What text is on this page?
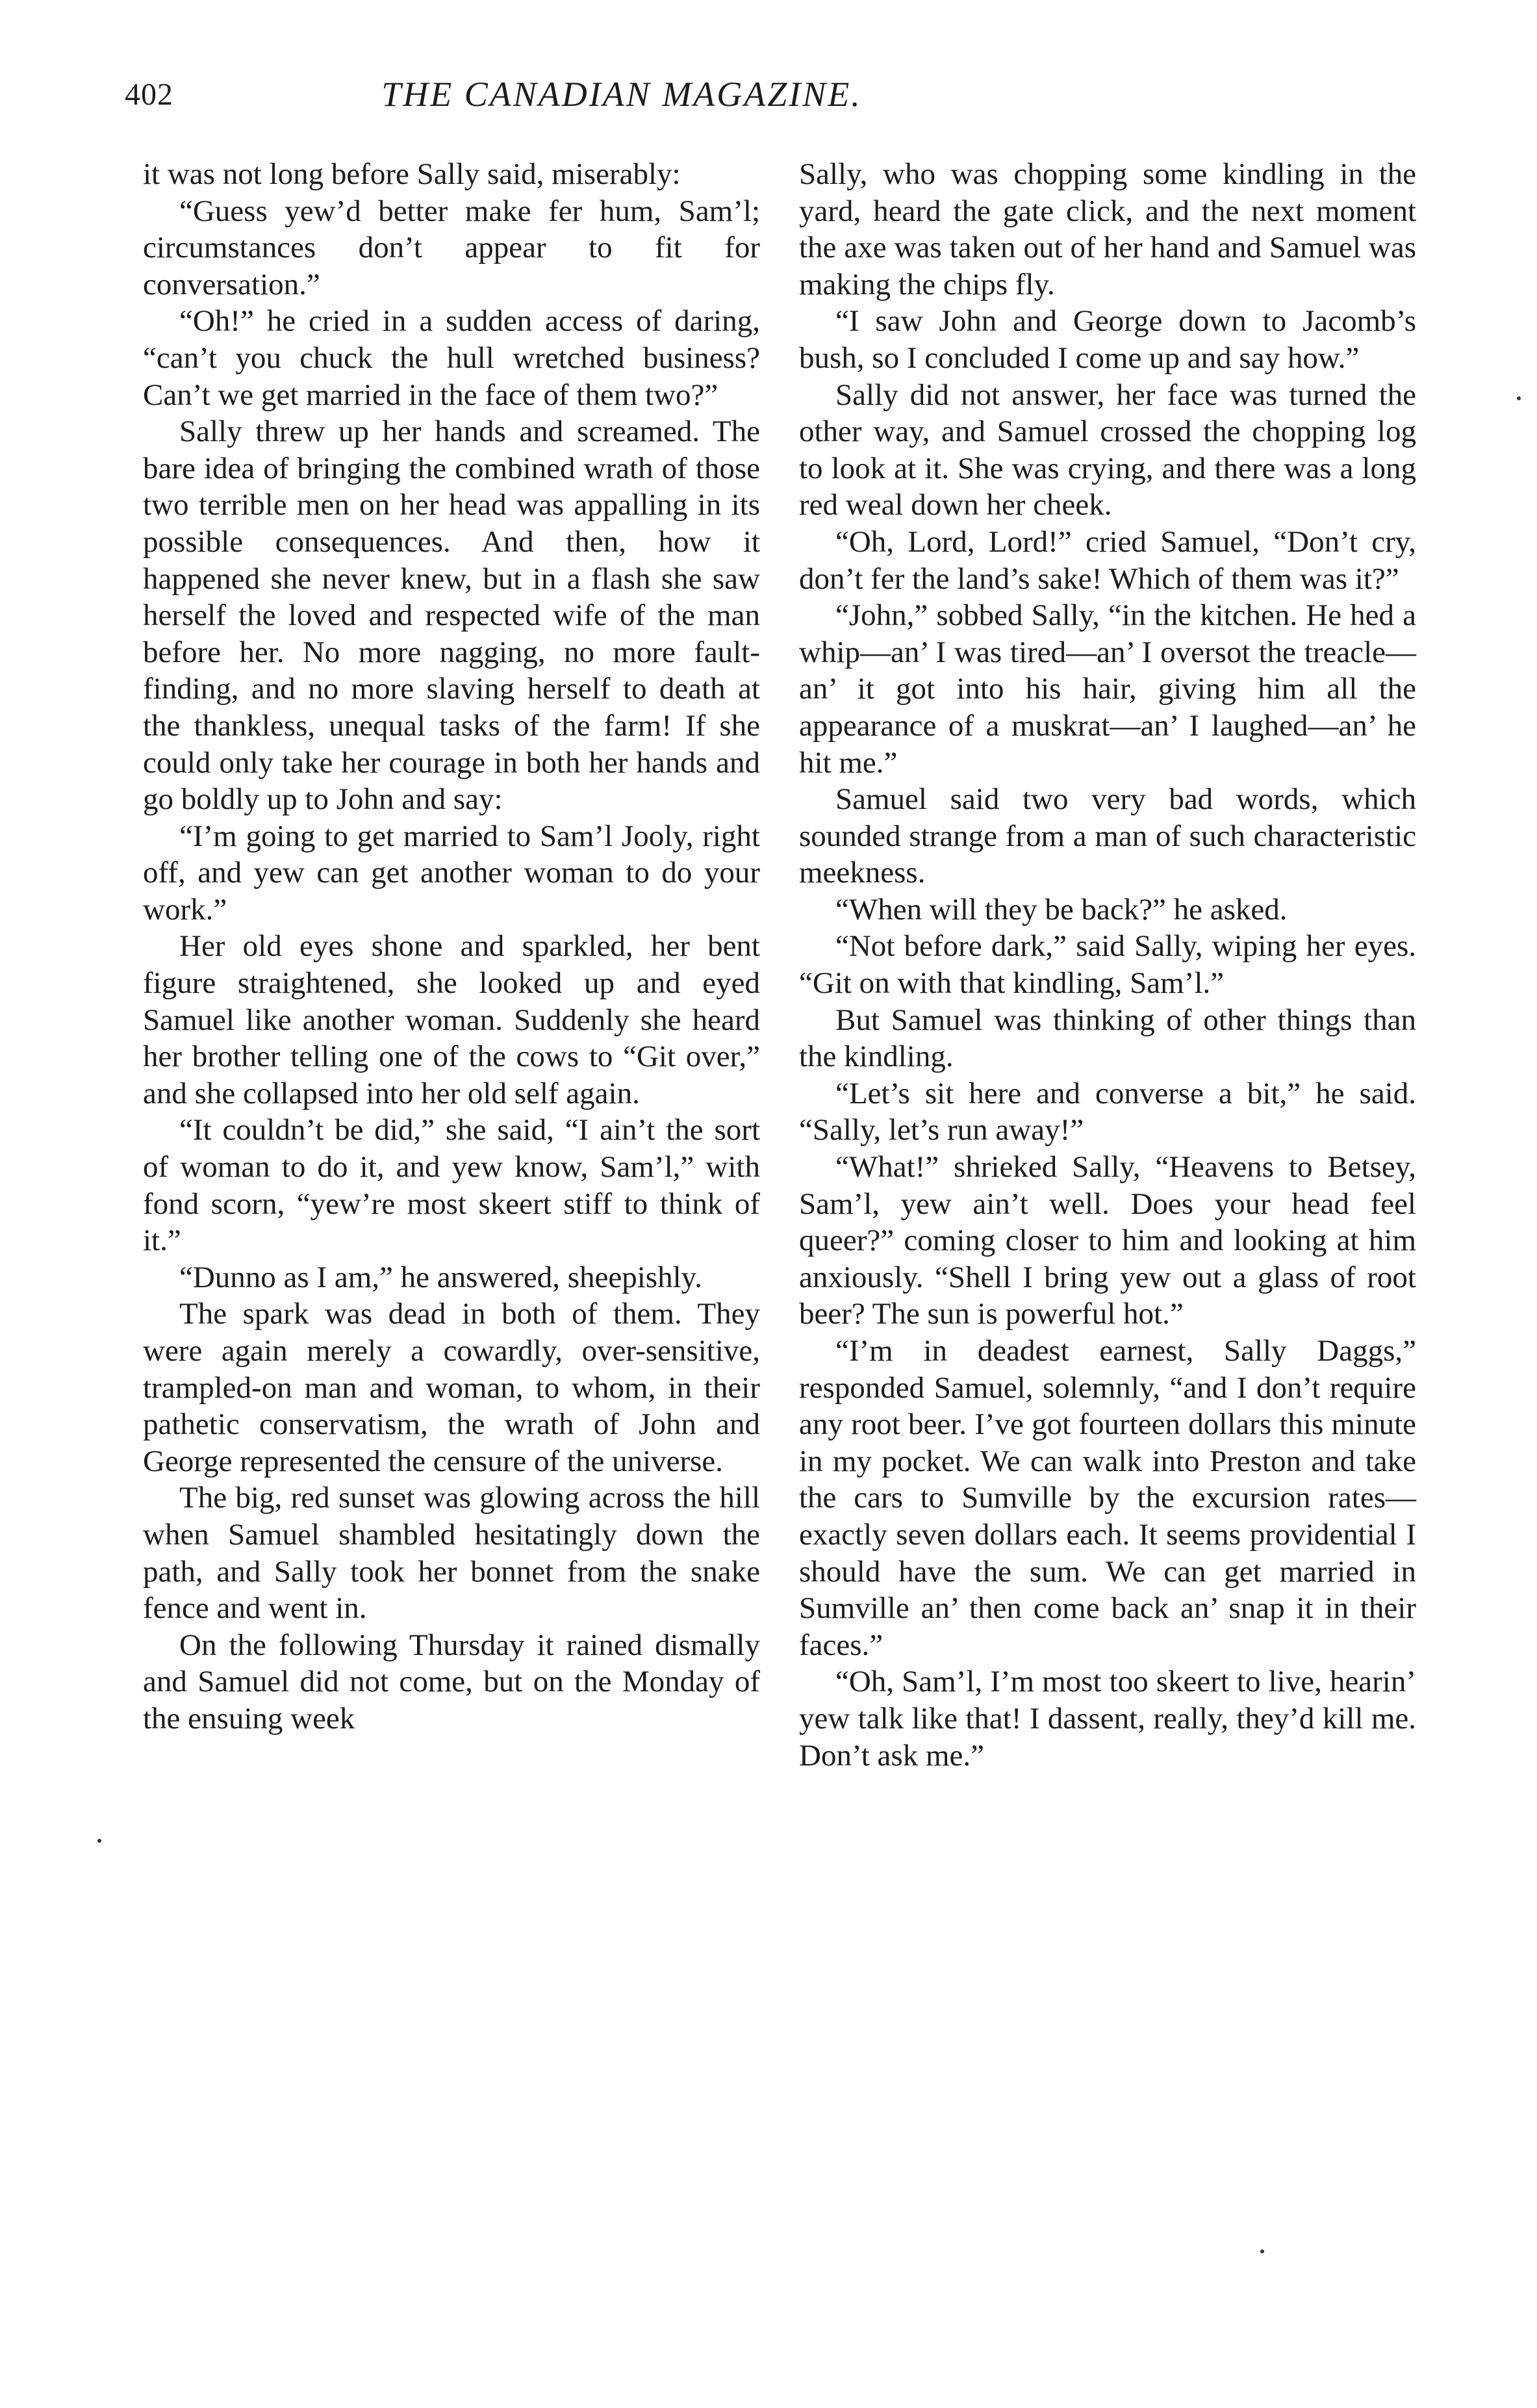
402	THE CANADIAN MAGAZINE.

it was not long before Sally said, miserably:

“Guess yew’d better make fer hum, Sam’l; circumstances don’t appear to fit for conversation.”

“Oh!” he cried in a sudden access of daring, “can’t you chuck the hull wretched business? Can’t we get married in the face of them two?”

Sally threw up her hands and screamed. The bare idea of bringing the combined wrath of those two terrible men on her head was appalling in its possible consequences. And then, how it happened she never knew, but in a flash she saw herself the loved and respected wife of the man before her. No more nagging, no more fault-finding, and no more slaving herself to death at the thankless, unequal tasks of the farm! If she could only take her courage in both her hands and go boldly up to John and say:

“I’m going to get married to Sam’l Jooly, right off, and yew can get another woman to do your work.”

Her old eyes shone and sparkled, her bent figure straightened, she looked up and eyed Samuel like another woman. Suddenly she heard her brother telling one of the cows to “Git over,” and she collapsed into her old self again.

“It couldn’t be did,” she said, “I ain’t the sort of woman to do it, and yew know, Sam’l,” with fond scorn, “yew’re most skeert stiff to think of it.”

“Dunno as I am,” he answered, sheepishly.

The spark was dead in both of them. They were again merely a cowardly, over-sensitive, trampled-on man and woman, to whom, in their pathetic conservatism, the wrath of John and George represented the censure of the universe.

The big, red sunset was glowing across the hill when Samuel shambled hesitatingly down the path, and Sally took her bonnet from the snake fence and went in.

On the following Thursday it rained dismally and Samuel did not come, but on the Monday of the ensuing week

Sally, who was chopping some kindling in the yard, heard the gate click, and the next moment the axe was taken out of her hand and Samuel was making the chips fly.

“I saw John and George down to Jacomb’s bush, so I concluded I come up and say how.”

Sally did not answer, her face was turned the other way, and Samuel crossed the chopping log to look at it. She was crying, and there was a long red weal down her cheek.

“Oh, Lord, Lord!” cried Samuel, “Don’t cry, don’t fer the land’s sake! Which of them was it?”

“John,” sobbed Sally, “in the kitchen. He hed a whip—an’ I was tired—an’ I oversot the treacle—an’ it got into his hair, giving him all the appearance of a muskrat—an’ I laughed—an’ he hit me.”

Samuel said two very bad words, which sounded strange from a man of such characteristic meekness.

“When will they be back?” he asked.

“Not before dark,” said Sally, wiping her eyes. “Git on with that kindling, Sam’l.”

But Samuel was thinking of other things than the kindling.

“Let’s sit here and converse a bit,” he said. “Sally, let’s run away!”

“What!” shrieked Sally, “Heavens to Betsey, Sam’l, yew ain’t well. Does your head feel queer?” coming closer to him and looking at him anxiously. “Shell I bring yew out a glass of root beer? The sun is powerful hot.”

“I’m in deadest earnest, Sally Daggs,” responded Samuel, solemnly, “and I don’t require any root beer. I’ve got fourteen dollars this minute in my pocket. We can walk into Preston and take the cars to Sumville by the excursion rates—exactly seven dollars each. It seems providential I should have the sum. We can get married in Sumville an’ then come back an’ snap it in their faces.”

“Oh, Sam’l, I’m most too skeert to live, hearin’ yew talk like that! I dassent, really, they’d kill me. Don’t ask me.”
